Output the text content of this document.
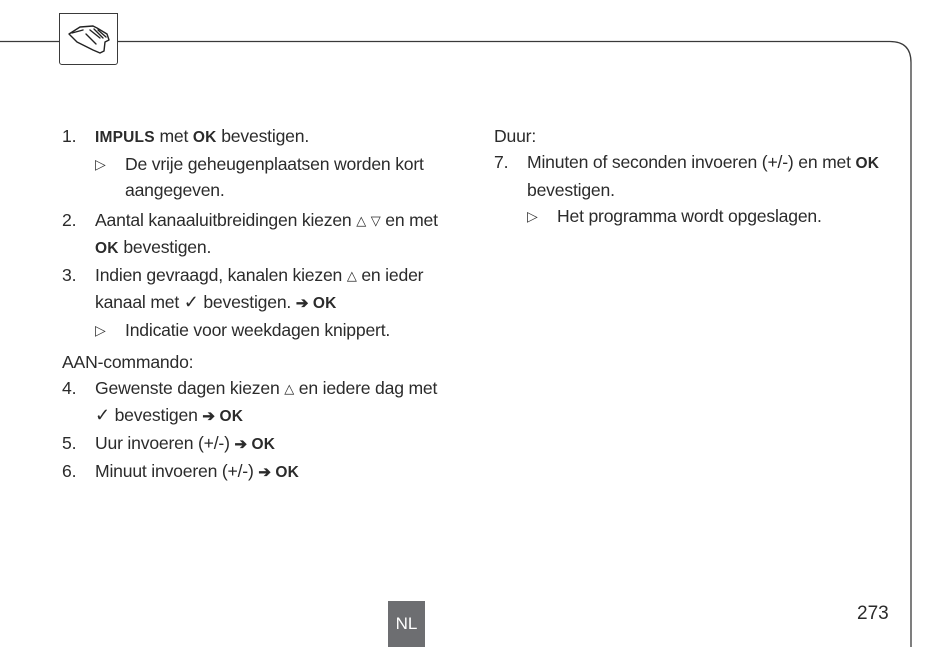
1.	IMPULS met OK bevestigen.
▷ De vrije geheugenplaatsen worden kort aangegeven.
2.	Aantal kanaaluitbreidingen kiezen △ ▽ en met OK bevestigen.
3.	Indien gevraagd, kanalen kiezen △ en ieder kanaal met ✓ bevestigen. ➔ OK
▷ Indicatie voor weekdagen knippert.
AAN-commando:
4.	Gewenste dagen kiezen △ en iedere dag met
✓ bevestigen ➔ OK
5.	Uur invoeren (+/-) ➔ OK
6.	Minuut invoeren (+/-) ➔ OK
Duur:
7.	Minuten of seconden invoeren (+/-) en met OK bevestigen.
▷ Het programma wordt opgeslagen.
NL	273
